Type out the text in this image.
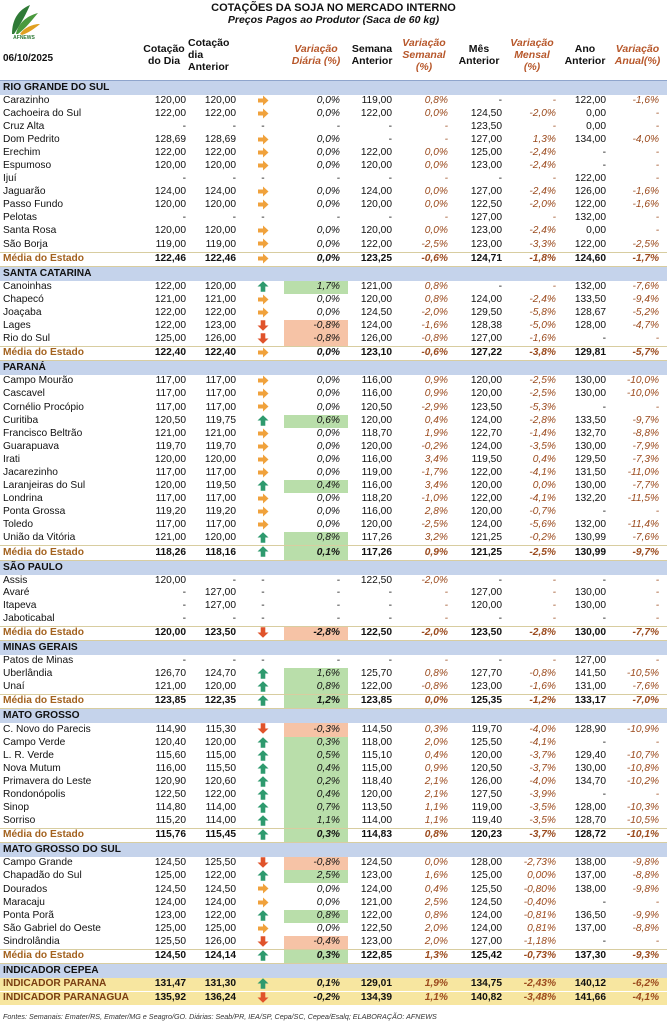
AFNEWS
COTAÇÕES DA SOJA NO MERCADO INTERNO
Preços Pagos ao Produtor (Saca de 60 kg)
06/10/2025
Cotação
do Dia
Cotação
dia
Anterior
Variação
Diária (%)
Semana
Anterior
Variação
Semanal
(%)
Mês
Anterior
Variação
Mensal
(%)
Ano
Anterior
Variação
Anual(%)
RIO GRANDE DO SUL										
Carazinho	120,00	120,00		0,0%	119,00	0,8%	-	-	122,00	-1,6%
Cachoeira do Sul	122,00	122,00		0,0%	122,00	0,0%	124,50	-2,0%	0,00	-
Cruz Alta	-	-	-	-	-	-	123,50	-	0,00	-
Dom Pedrito	128,69	128,69		0,0%	-	-	127,00	1,3%	134,00	-4,0%
Erechim	122,00	122,00		0,0%	122,00	0,0%	125,00	-2,4%	-	-
Espumoso	120,00	120,00		0,0%	120,00	0,0%	123,00	-2,4%	-	-
Ijuí	-	-	-	-	-	-	-	-	122,00	-
Jaguarão	124,00	124,00		0,0%	124,00	0,0%	127,00	-2,4%	126,00	-1,6%
Passo Fundo	120,00	120,00		0,0%	120,00	0,0%	122,50	-2,0%	122,00	-1,6%
Pelotas	-	-	-	-	-	-	127,00	-	132,00	-
Santa Rosa	120,00	120,00		0,0%	120,00	0,0%	123,00	-2,4%	0,00	-
São Borja	119,00	119,00		0,0%	122,00	-2,5%	123,00	-3,3%	122,00	-2,5%
Média do Estado	122,46	122,46		0,0%	123,25	-0,6%	124,71	-1,8%	124,60	-1,7%
SANTA CATARINA										
Canoinhas	122,00	120,00		1,7%	121,00	0,8%	-	-	132,00	-7,6%
Chapecó	121,00	121,00		0,0%	120,00	0,8%	124,00	-2,4%	133,50	-9,4%
Joaçaba	122,00	122,00		0,0%	124,50	-2,0%	129,50	-5,8%	128,67	-5,2%
Lages	122,00	123,00		-0,8%	124,00	-1,6%	128,38	-5,0%	128,00	-4,7%
Rio do Sul	125,00	126,00		-0,8%	126,00	-0,8%	127,00	-1,6%	-	-
Média do Estado	122,40	122,40		0,0%	123,10	-0,6%	127,22	-3,8%	129,81	-5,7%
PARANÁ										
Campo Mourão	117,00	117,00		0,0%	116,00	0,9%	120,00	-2,5%	130,00	-10,0%
Cascavel	117,00	117,00		0,0%	116,00	0,9%	120,00	-2,5%	130,00	-10,0%
Cornélio Procópio	117,00	117,00		0,0%	120,50	-2,9%	123,50	-5,3%	-	-
Curitiba	120,50	119,75		0,6%	120,00	0,4%	124,00	-2,8%	133,50	-9,7%
Francisco Beltrão	121,00	121,00		0,0%	118,70	1,9%	122,70	-1,4%	132,70	-8,8%
Guarapuava	119,70	119,70		0,0%	120,00	-0,2%	124,00	-3,5%	130,00	-7,9%
Irati	120,00	120,00		0,0%	116,00	3,4%	119,50	0,4%	129,50	-7,3%
Jacarezinho	117,00	117,00		0,0%	119,00	-1,7%	122,00	-4,1%	131,50	-11,0%
Laranjeiras do Sul	120,00	119,50		0,4%	116,00	3,4%	120,00	0,0%	130,00	-7,7%
Londrina	117,00	117,00		0,0%	118,20	-1,0%	122,00	-4,1%	132,20	-11,5%
Ponta Grossa	119,20	119,20		0,0%	116,00	2,8%	120,00	-0,7%	-	-
Toledo	117,00	117,00		0,0%	120,00	-2,5%	124,00	-5,6%	132,00	-11,4%
União da Vitória	121,00	120,00		0,8%	117,26	3,2%	121,25	-0,2%	130,99	-7,6%
Média do Estado	118,26	118,16		0,1%	117,26	0,9%	121,25	-2,5%	130,99	-9,7%
SÃO PAULO										
Assis	120,00	-	-	-	122,50	-2,0%	-	-	-	-
Avaré	-	127,00	-	-	-	-	127,00	-	130,00	-
Itapeva	-	127,00	-	-	-	-	120,00	-	130,00	-
Jaboticabal	-	-	-	-	-	-	-	-	-	-
Média do Estado	120,00	123,50		-2,8%	122,50	-2,0%	123,50	-2,8%	130,00	-7,7%
MINAS GERAIS										
Patos de Minas	-	-	-	-	-	-	-	-	127,00	-
Uberlândia	126,70	124,70		1,6%	125,70	0,8%	127,70	-0,8%	141,50	-10,5%
Unaí	121,00	120,00		0,8%	122,00	-0,8%	123,00	-1,6%	131,00	-7,6%
Média do Estado	123,85	122,35		1,2%	123,85	0,0%	125,35	-1,2%	133,17	-7,0%
MATO GROSSO										
C. Novo do Parecis	114,90	115,30		-0,3%	114,50	0,3%	119,70	-4,0%	128,90	-10,9%
Campo Verde	120,40	120,00		0,3%	118,00	2,0%	125,50	-4,1%	-	-
L. R. Verde	115,60	115,00		0,5%	115,10	0,4%	120,00	-3,7%	129,40	-10,7%
Nova Mutum	116,00	115,50		0,4%	115,00	0,9%	120,50	-3,7%	130,00	-10,8%
Primavera do Leste	120,90	120,60		0,2%	118,40	2,1%	126,00	-4,0%	134,70	-10,2%
Rondonópolis	122,50	122,00		0,4%	120,00	2,1%	127,50	-3,9%	-	-
Sinop	114,80	114,00		0,7%	113,50	1,1%	119,00	-3,5%	128,00	-10,3%
Sorriso	115,20	114,00		1,1%	114,00	1,1%	119,40	-3,5%	128,70	-10,5%
Média do Estado	115,76	115,45		0,3%	114,83	0,8%	120,23	-3,7%	128,72	-10,1%
MATO GROSSO DO SUL										
Campo Grande	124,50	125,50		-0,8%	124,50	0,0%	128,00	-2,73%	138,00	-9,8%
Chapadão do Sul	125,00	122,00		2,5%	123,00	1,6%	125,00	0,00%	137,00	-8,8%
Dourados	124,50	124,50		0,0%	124,00	0,4%	125,50	-0,80%	138,00	-9,8%
Maracaju	124,00	124,00		0,0%	121,00	2,5%	124,50	-0,40%	-	-
Ponta Porã	123,00	122,00		0,8%	122,00	0,8%	124,00	-0,81%	136,50	-9,9%
São Gabriel do Oeste	125,00	125,00		0,0%	122,50	2,0%	124,00	0,81%	137,00	-8,8%
Sindrolândia	125,50	126,00		-0,4%	123,00	2,0%	127,00	-1,18%	-	-
Média do Estado	124,50	124,14		0,3%	122,85	1,3%	125,42	-0,73%	137,30	-9,3%
INDICADOR CEPEA										
INDICADOR PARANÁ	131,47	131,30		0,1%	129,01	1,9%	134,75	-2,43%	140,12	-6,2%
INDICADOR PARANAGUÁ	135,92	136,24		-0,2%	134,39	1,1%	140,82	-3,48%	141,66	-4,1%
Fontes: Semanais: Emater/RS, Emater/MG e Seagro/GO. Diárias: Seab/PR, IEA/SP, Cepa/SC, Cepea/Esalq; ELABORAÇÃO: AFNEWS
